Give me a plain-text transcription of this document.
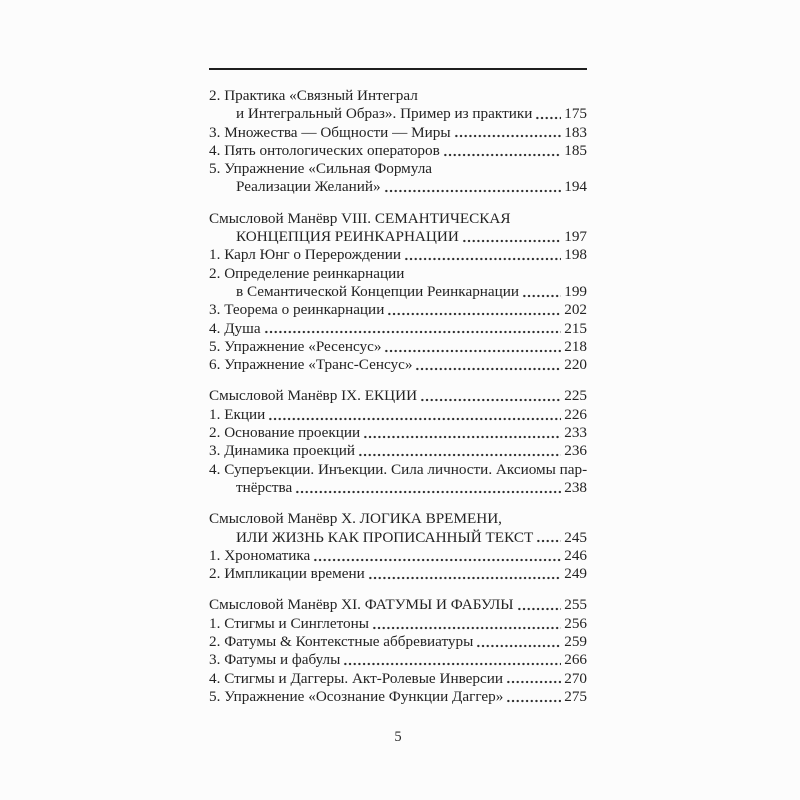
2. Практика «Связный Интеграл
и Интегральный Образ». Пример из практики 175
3. Множества — Общности — Миры	183
4. Пять онтологических операторов	185
5. Упражнение «Сильная Формула
Реализации Желаний»	194
Смысловой Манёвр VIII. СЕМАНТИЧЕСКАЯ
КОНЦЕПЦИЯ РЕИНКАРНАЦИИ	197
1. Карл Юнг о Перерождении	198
2. Определение реинкарнации
в Семантической Концепции Реинкарнации	199
3. Теорема о реинкарнации	202
4. Душа	215
5. Упражнение «Ресенсус»	218
6. Упражнение «Транс-Сенсус»	220
Смысловой Манёвр IX. ЕКЦИИ	225
1. Екции	226
2. Основание проекции	233
3. Динамика проекций	236
4. Суперъекции. Инъекции. Сила личности. Аксиомы пар-
тнёрства	238
Смысловой Манёвр X. ЛОГИКА ВРЕМЕНИ,
ИЛИ ЖИЗНЬ КАК ПРОПИСАННЫЙ ТЕКСТ 245
1. Хрономатика	246
2. Импликации времени	249
Смысловой Манёвр XI. ФАТУМЫ И ФАБУЛЫ	255
1. Стигмы и Синглетоны	256
2. Фатумы & Контекстные аббревиатуры	259
3. Фатумы и фабулы	266
4. Стигмы и Даггеры. Акт-Ролевые Инверсии	270
5. Упражнение «Осознание Функции Даггер»	275
5
